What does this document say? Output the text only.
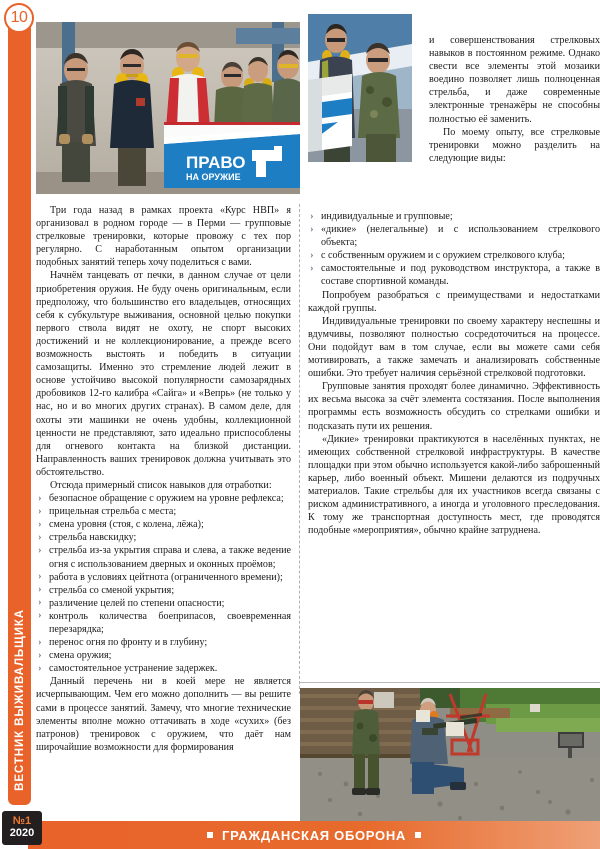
10
ВЕСТНИК ВЫЖИВАЛЬЩИКА
№1
2020	ГРАЖДАНСКАЯ ОБОРОНА
ПРАВО
НА ОРУЖИЕ

и совершенствования стрелковых навыков в постоянном режиме. Однако свести все элементы этой мозаики воедино позволяет лишь полноценная стрельба, и даже современные электронные тренажёры не способны полностью её заменить.

По моему опыту, все стрелковые тренировки можно разделить на следующие виды:

› индивидуальные и групповые;
› «дикие» (нелегальные) и с использованием стрелкового объекта;
› с собственным оружием и с оружием стрелкового клуба;
› самостоятельные и под руководством инструктора, а также в составе спортивной команды.

Попробуем разобраться с преимуществами и недостатками каждой группы.

Индивидуальные тренировки по своему характеру неспешны и вдумчивы, позволяют полностью сосредоточиться на процессе. Они подойдут вам в том случае, если вы можете сами себя мотивировать, а также замечать и анализировать собственные ошибки. Это требует наличия серьёзной стрелковой подготовки.

Групповые занятия проходят более динамично. Эффективность их весьма высока за счёт элемента состязания. После выполнения программы есть возможность обсудить со стрелками ошибки и подсказать пути их решения.

«Дикие» тренировки практикуются в населённых пунктах, не имеющих собственной стрелковой инфраструктуры. В качестве площадки при этом обычно используется какой-либо заброшенный карьер, либо военный объект. Мишени делаются из подручных материалов. Такие стрельбы для их участников всегда связаны с риском административного, а иногда и уголовного преследования. К тому же транспортная доступность мест, где проводятся подобные «мероприятия», обычно крайне затруднена.

Три года назад в рамках проекта «Курс НВП» я организовал в родном городе — в Перми — групповые стрелковые тренировки, которые провожу с тех пор регулярно. С наработанным опытом организации подобных занятий теперь хочу поделиться с вами.

Начнём танцевать от печки, в данном случае от цели приобретения оружия. Не буду очень оригинальным, если предположу, что большинство его владельцев, относящих себя к субкультуре выживания, основной целью покупки первого ствола видят не охоту, не спорт высоких достижений и не коллекционирование, а прежде всего возможность выстоять и победить в ситуации самозащиты. Именно это стремление людей лежит в основе устойчиво высокой популярности самозарядных дробовиков 12-го калибра «Сайга» и «Вепрь» (не только у нас, но и во многих других странах). В самом деле, для охоты эти машинки не очень удобны, коллекционной ценности не представляют, зато идеально приспособлены для огневого контакта на близкой дистанции. Направленность ваших тренировок должна учитывать это обстоятельство.

Отсюда примерный список навыков для отработки:

› безопасное обращение с оружием на уровне рефлекса;
› прицельная стрельба с места;
› смена уровня (стоя, с колена, лёжа);
› стрельба навскидку;
› стрельба из-за укрытия справа и слева, а также ведение огня с использованием дверных и оконных проёмов;
› работа в условиях цейтнота (ограниченного времени);
› стрельба со сменой укрытия;
› различение целей по степени опасности;
› контроль количества боеприпасов, своевременная перезарядка;
› перенос огня по фронту и в глубину;
› смена оружия;
› самостоятельное устранение задержек.

Данный перечень ни в коей мере не является исчерпывающим. Чем его можно дополнить — вы решите сами в процессе занятий. Замечу, что многие технические элементы вполне можно оттачивать в ходе «сухих» (без патронов) тренировок с оружием, что даёт нам широчайшие возможности для формирования
